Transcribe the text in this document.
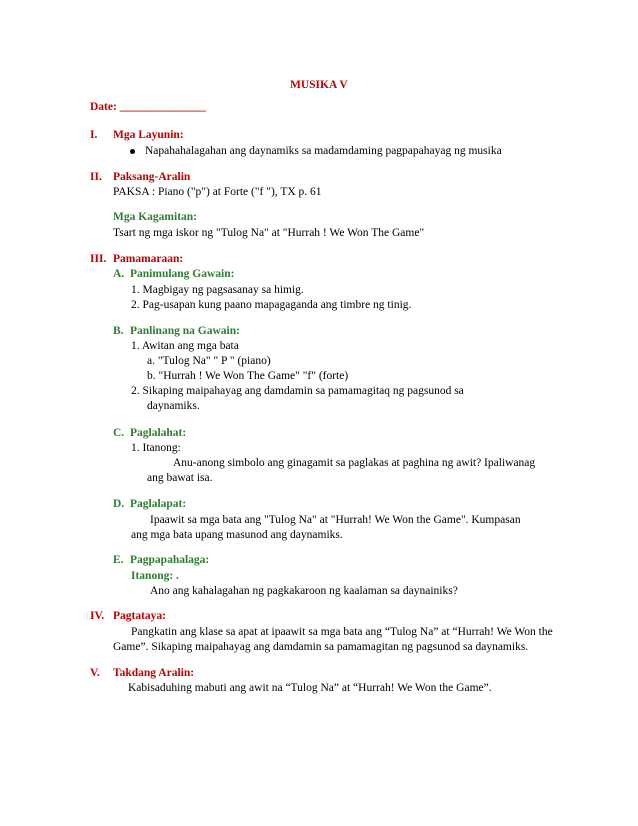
MUSIKA V
Date: _______________
I. Mga Layunin:
Napahahalagahan ang daynamiks sa madamdaming pagpapahayag ng musika
II. Paksang-Aralin
PAKSA : Piano ("p") at Forte ("f "), TX p. 61
Mga Kagamitan:
Tsart ng mga iskor ng "Tulog Na" at "Hurrah ! We Won The Game"
III. Pamamaraan:
A. Panimulang Gawain:
1. Magbigay ng pagsasanay sa himig.
2. Pag-usapan kung paano mapagaganda ang timbre ng tinig.
B. Panlinang na Gawain:
1. Awitan ang mga bata
a. "Tulog Na" " P " (piano)
b. "Hurrah ! We Won The Game" "f" (forte)
2. Sikaping maipahayag ang damdamin sa pamamagitaq ng pagsunod sa
daynamiks.
C. Paglalahat:
1. Itanong:
Anu-anong simbolo ang ginagamit sa paglakas at paghina ng awit? Ipaliwanag
ang bawat isa.
D. Paglalapat:
Ipaawit sa mga bata ang "Tulog Na" at "Hurrah! We Won the Game". Kumpasan
ang mga bata upang masunod ang daynamiks.
E. Pagpapahalaga:
Itanong: .
Ano ang kahalagahan ng pagkakaroon ng kaalaman sa daynainiks?
IV. Pagtataya:
Pangkatin ang klase sa apat at ipaawit sa mga bata ang “Tulog Na” at “Hurrah! We Won the
Game”. Sikaping maipahayag ang damdamin sa pamamagitan ng pagsunod sa daynamiks.
V. Takdang Aralin:
Kabisaduhing mabuti ang awit na “Tulog Na” at “Hurrah! We Won the Game”.
